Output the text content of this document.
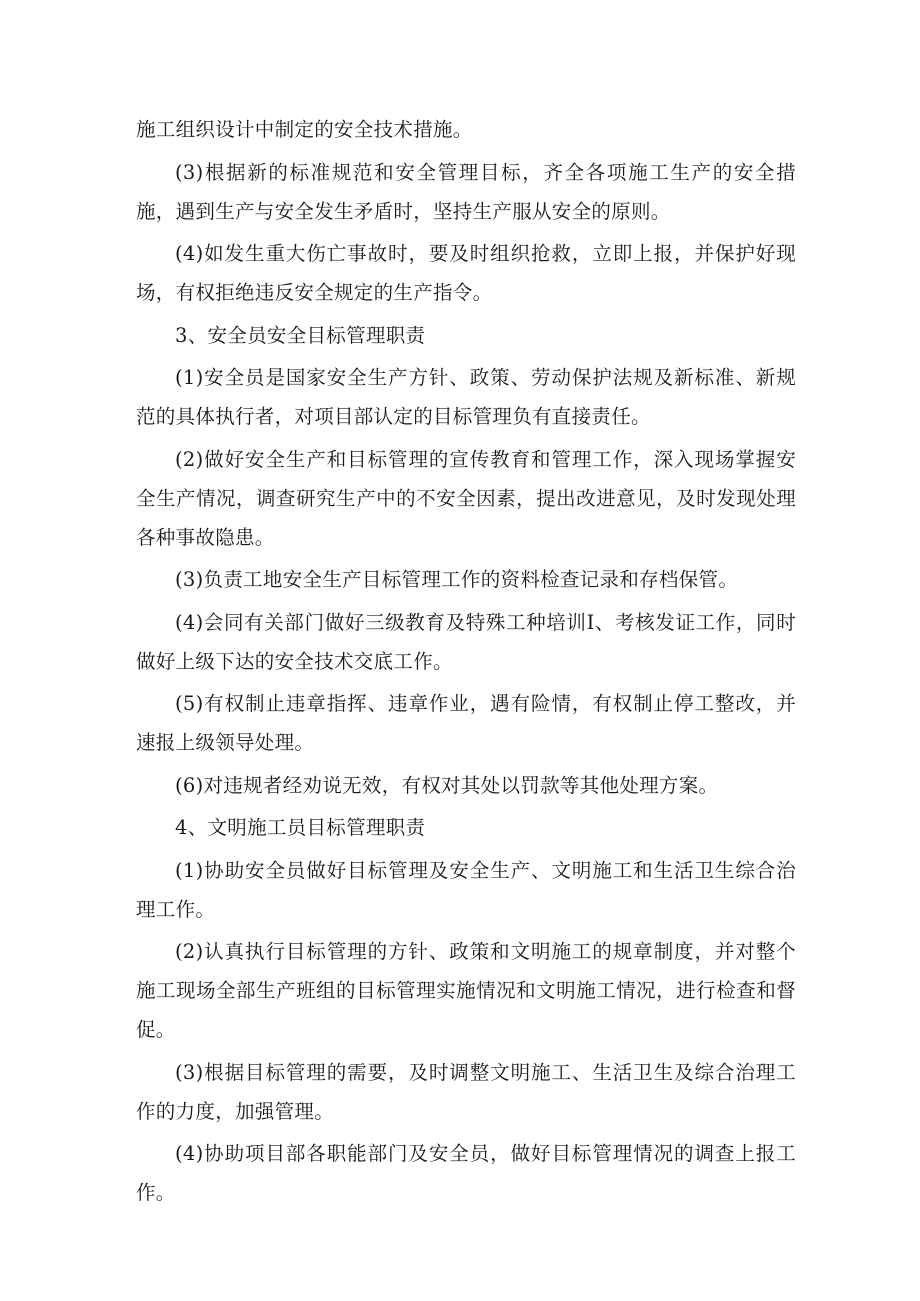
施工组织设计中制定的安全技术措施。

(3)根据新的标准规范和安全管理目标，齐全各项施工生产的安全措施，遇到生产与安全发生矛盾时，坚持生产服从安全的原则。

(4)如发生重大伤亡事故时，要及时组织抢救，立即上报，并保护好现场，有权拒绝违反安全规定的生产指令。

3、安全员安全目标管理职责

(1)安全员是国家安全生产方针、政策、劳动保护法规及新标准、新规范的具体执行者，对项目部认定的目标管理负有直接责任。

(2)做好安全生产和目标管理的宣传教育和管理工作，深入现场掌握安全生产情况，调查研究生产中的不安全因素，提出改进意见，及时发现处理各种事故隐患。

(3)负责工地安全生产目标管理工作的资料检查记录和存档保管。

(4)会同有关部门做好三级教育及特殊工种培训I、考核发证工作，同时做好上级下达的安全技术交底工作。

(5)有权制止违章指挥、违章作业，遇有险情，有权制止停工整改，并速报上级领导处理。

(6)对违规者经劝说无效，有权对其处以罚款等其他处理方案。

4、文明施工员目标管理职责

(1)协助安全员做好目标管理及安全生产、文明施工和生活卫生综合治理工作。

(2)认真执行目标管理的方针、政策和文明施工的规章制度，并对整个施工现场全部生产班组的目标管理实施情况和文明施工情况，进行检查和督促。

(3)根据目标管理的需要，及时调整文明施工、生活卫生及综合治理工作的力度，加强管理。

(4)协助项目部各职能部门及安全员，做好目标管理情况的调查上报工作。
